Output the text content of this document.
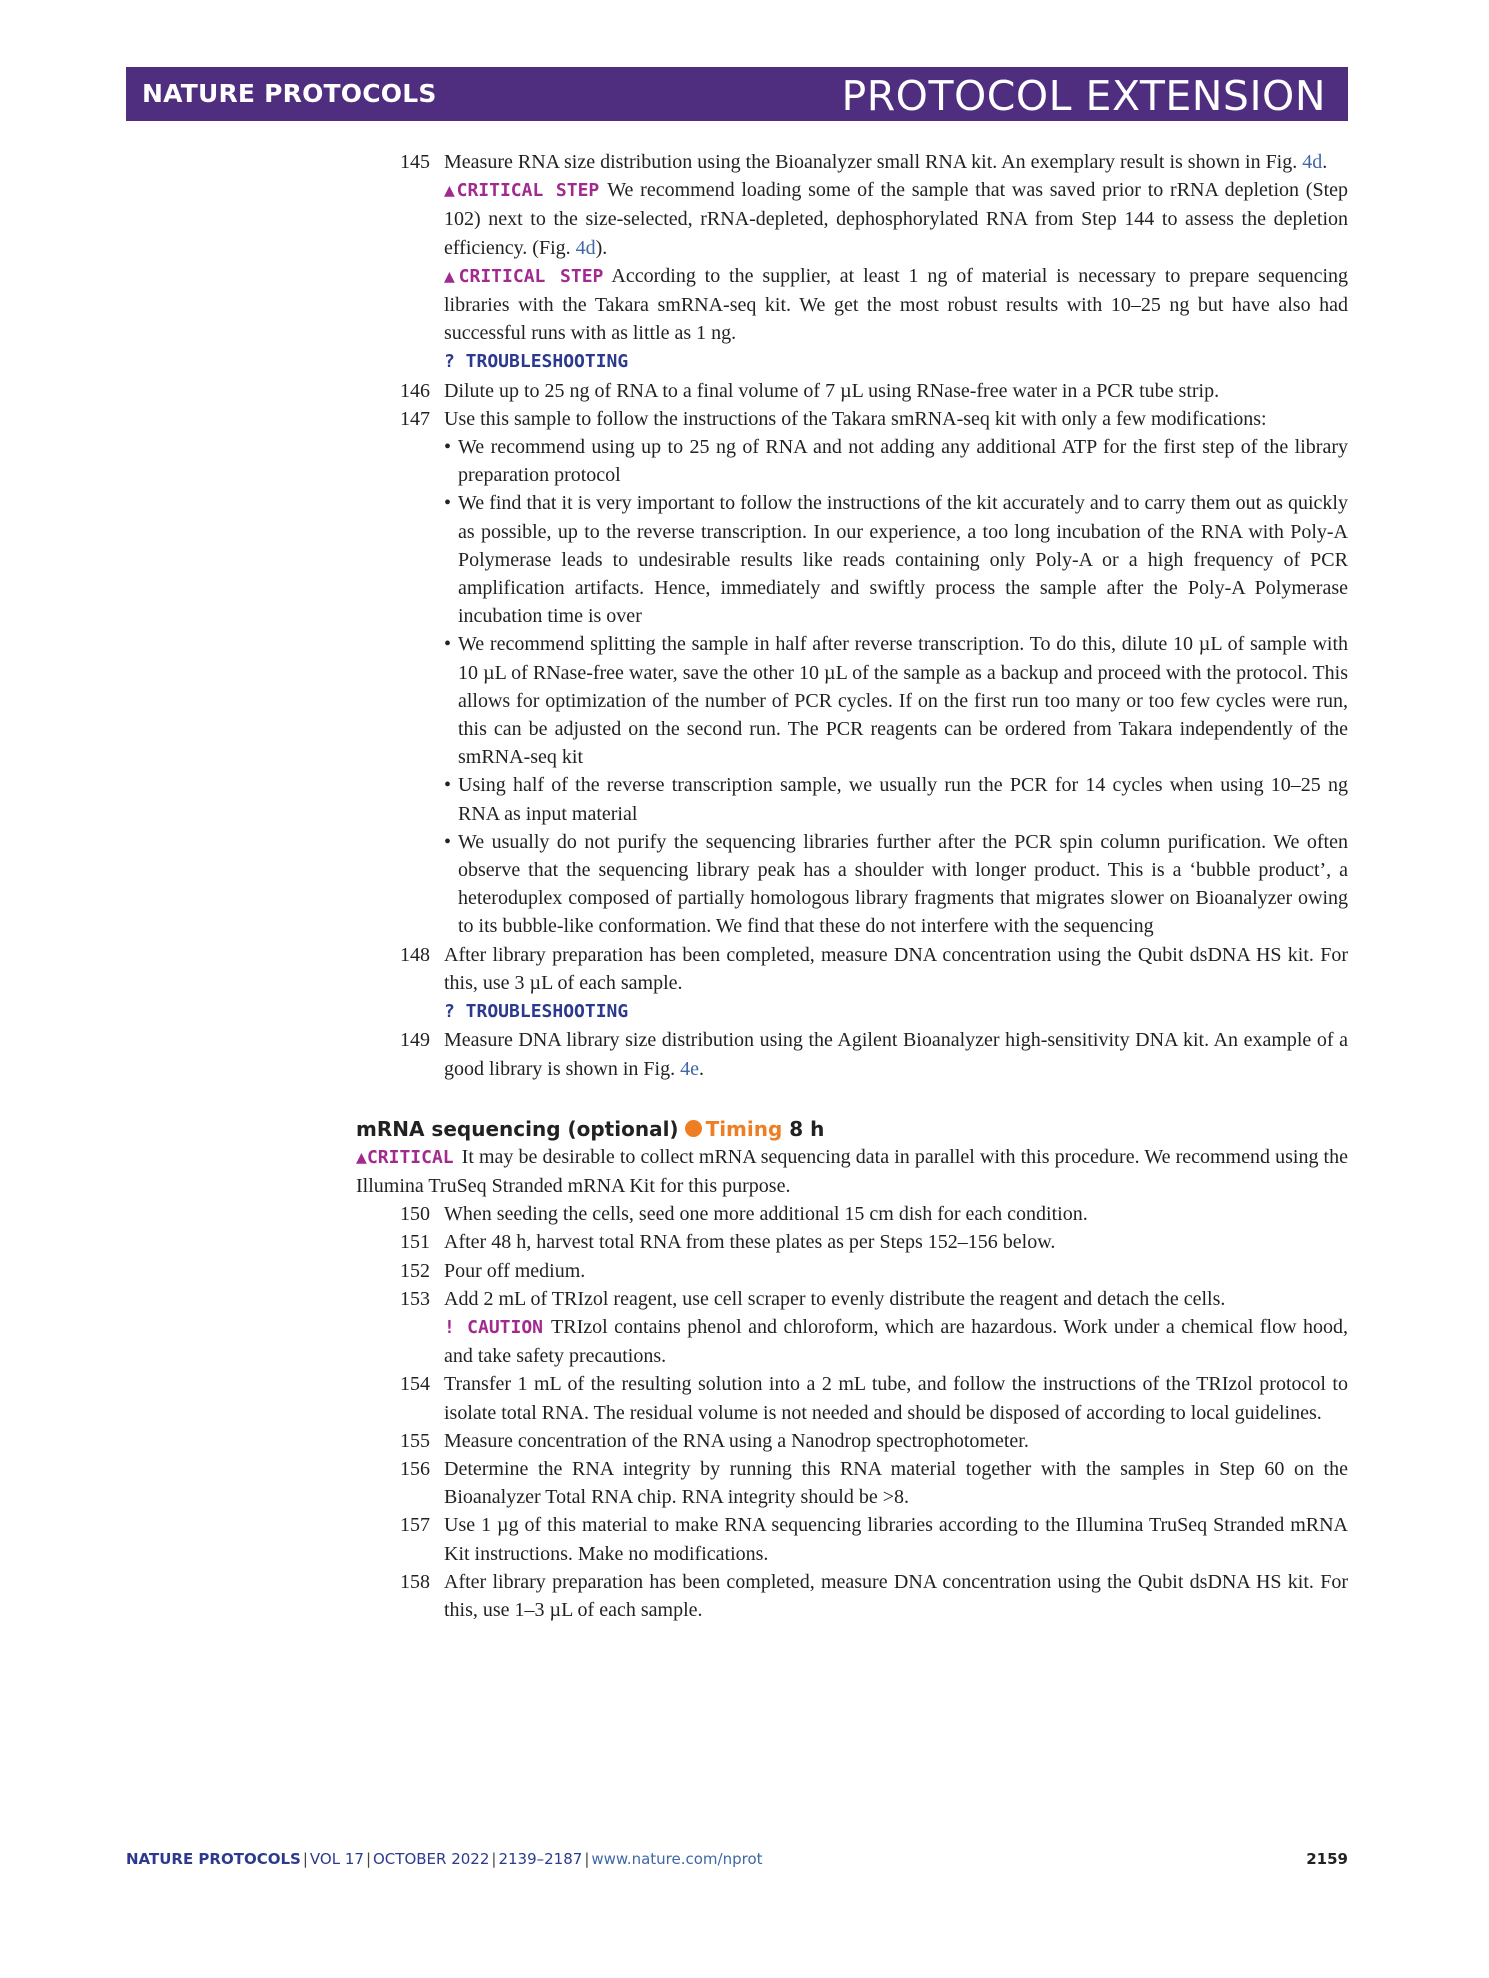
NATURE PROTOCOLS	PROTOCOL EXTENSION
145 Measure RNA size distribution using the Bioanalyzer small RNA kit. An exemplary result is shown in Fig. 4d.
▲CRITICAL STEP We recommend loading some of the sample that was saved prior to rRNA depletion (Step 102) next to the size-selected, rRNA-depleted, dephosphorylated RNA from Step 144 to assess the depletion efficiency. (Fig. 4d).
▲CRITICAL STEP According to the supplier, at least 1 ng of material is necessary to prepare sequencing libraries with the Takara smRNA-seq kit. We get the most robust results with 10–25 ng but have also had successful runs with as little as 1 ng.
? TROUBLESHOOTING
146 Dilute up to 25 ng of RNA to a final volume of 7 µL using RNase-free water in a PCR tube strip.
147 Use this sample to follow the instructions of the Takara smRNA-seq kit with only a few modifications:
• We recommend using up to 25 ng of RNA and not adding any additional ATP for the first step of the library preparation protocol
• We find that it is very important to follow the instructions of the kit accurately and to carry them out as quickly as possible, up to the reverse transcription. In our experience, a too long incubation of the RNA with Poly-A Polymerase leads to undesirable results like reads containing only Poly-A or a high frequency of PCR amplification artifacts. Hence, immediately and swiftly process the sample after the Poly-A Polymerase incubation time is over
• We recommend splitting the sample in half after reverse transcription. To do this, dilute 10 µL of sample with 10 µL of RNase-free water, save the other 10 µL of the sample as a backup and proceed with the protocol. This allows for optimization of the number of PCR cycles. If on the first run too many or too few cycles were run, this can be adjusted on the second run. The PCR reagents can be ordered from Takara independently of the smRNA-seq kit
• Using half of the reverse transcription sample, we usually run the PCR for 14 cycles when using 10–25 ng RNA as input material
• We usually do not purify the sequencing libraries further after the PCR spin column purification. We often observe that the sequencing library peak has a shoulder with longer product. This is a ‘bubble product’, a heteroduplex composed of partially homologous library fragments that migrates slower on Bioanalyzer owing to its bubble-like conformation. We find that these do not interfere with the sequencing
148 After library preparation has been completed, measure DNA concentration using the Qubit dsDNA HS kit. For this, use 3 µL of each sample.
? TROUBLESHOOTING
149 Measure DNA library size distribution using the Agilent Bioanalyzer high-sensitivity DNA kit. An example of a good library is shown in Fig. 4e.
mRNA sequencing (optional) Timing 8 h
▲CRITICAL It may be desirable to collect mRNA sequencing data in parallel with this procedure. We recommend using the Illumina TruSeq Stranded mRNA Kit for this purpose.
150 When seeding the cells, seed one more additional 15 cm dish for each condition.
151 After 48 h, harvest total RNA from these plates as per Steps 152–156 below.
152 Pour off medium.
153 Add 2 mL of TRIzol reagent, use cell scraper to evenly distribute the reagent and detach the cells.
! CAUTION TRIzol contains phenol and chloroform, which are hazardous. Work under a chemical flow hood, and take safety precautions.
154 Transfer 1 mL of the resulting solution into a 2 mL tube, and follow the instructions of the TRIzol protocol to isolate total RNA. The residual volume is not needed and should be disposed of according to local guidelines.
155 Measure concentration of the RNA using a Nanodrop spectrophotometer.
156 Determine the RNA integrity by running this RNA material together with the samples in Step 60 on the Bioanalyzer Total RNA chip. RNA integrity should be >8.
157 Use 1 µg of this material to make RNA sequencing libraries according to the Illumina TruSeq Stranded mRNA Kit instructions. Make no modifications.
158 After library preparation has been completed, measure DNA concentration using the Qubit dsDNA HS kit. For this, use 1–3 µL of each sample.
NATURE PROTOCOLS | VOL 17 | OCTOBER 2022 | 2139–2187 | www.nature.com/nprot	2159
